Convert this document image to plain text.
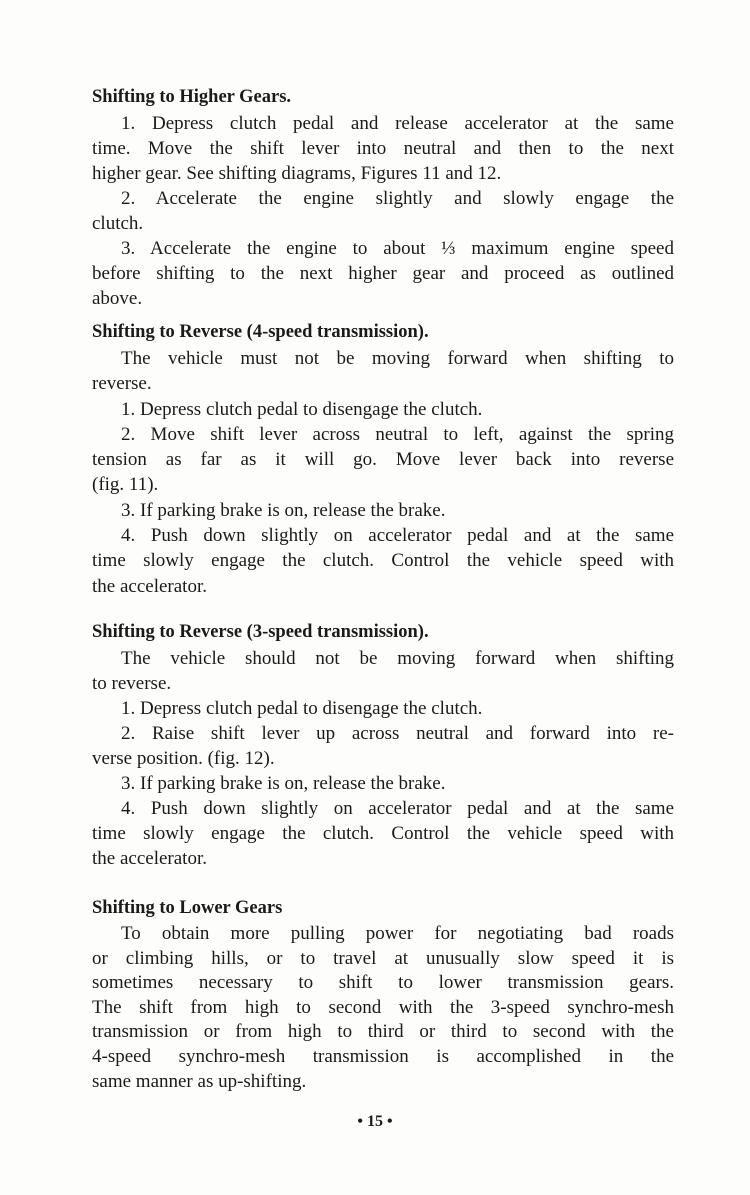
Shifting to Higher Gears.
1. Depress clutch pedal and release accelerator at the same
time. Move the shift lever into neutral and then to the next
higher gear. See shifting diagrams, Figures 11 and 12.
2. Accelerate the engine slightly and slowly engage the
clutch.
3. Accelerate the engine to about ⅓ maximum engine speed
before shifting to the next higher gear and proceed as outlined
above.
Shifting to Reverse (4-speed transmission).
The vehicle must not be moving forward when shifting to
reverse.
1. Depress clutch pedal to disengage the clutch.
2. Move shift lever across neutral to left, against the spring
tension as far as it will go. Move lever back into reverse
(fig. 11).
3. If parking brake is on, release the brake.
4. Push down slightly on accelerator pedal and at the same
time slowly engage the clutch. Control the vehicle speed with
the accelerator.
Shifting to Reverse (3-speed transmission).
The vehicle should not be moving forward when shifting
to reverse.
1. Depress clutch pedal to disengage the clutch.
2. Raise shift lever up across neutral and forward into re-
verse position. (fig. 12).
3. If parking brake is on, release the brake.
4. Push down slightly on accelerator pedal and at the same
time slowly engage the clutch. Control the vehicle speed with
the accelerator.
Shifting to Lower Gears
To obtain more pulling power for negotiating bad roads
or climbing hills, or to travel at unusually slow speed it is
sometimes necessary to shift to lower transmission gears.
The shift from high to second with the 3-speed synchro-mesh
transmission or from high to third or third to second with the
4-speed synchro-mesh transmission is accomplished in the
same manner as up-shifting.
• 15 •
